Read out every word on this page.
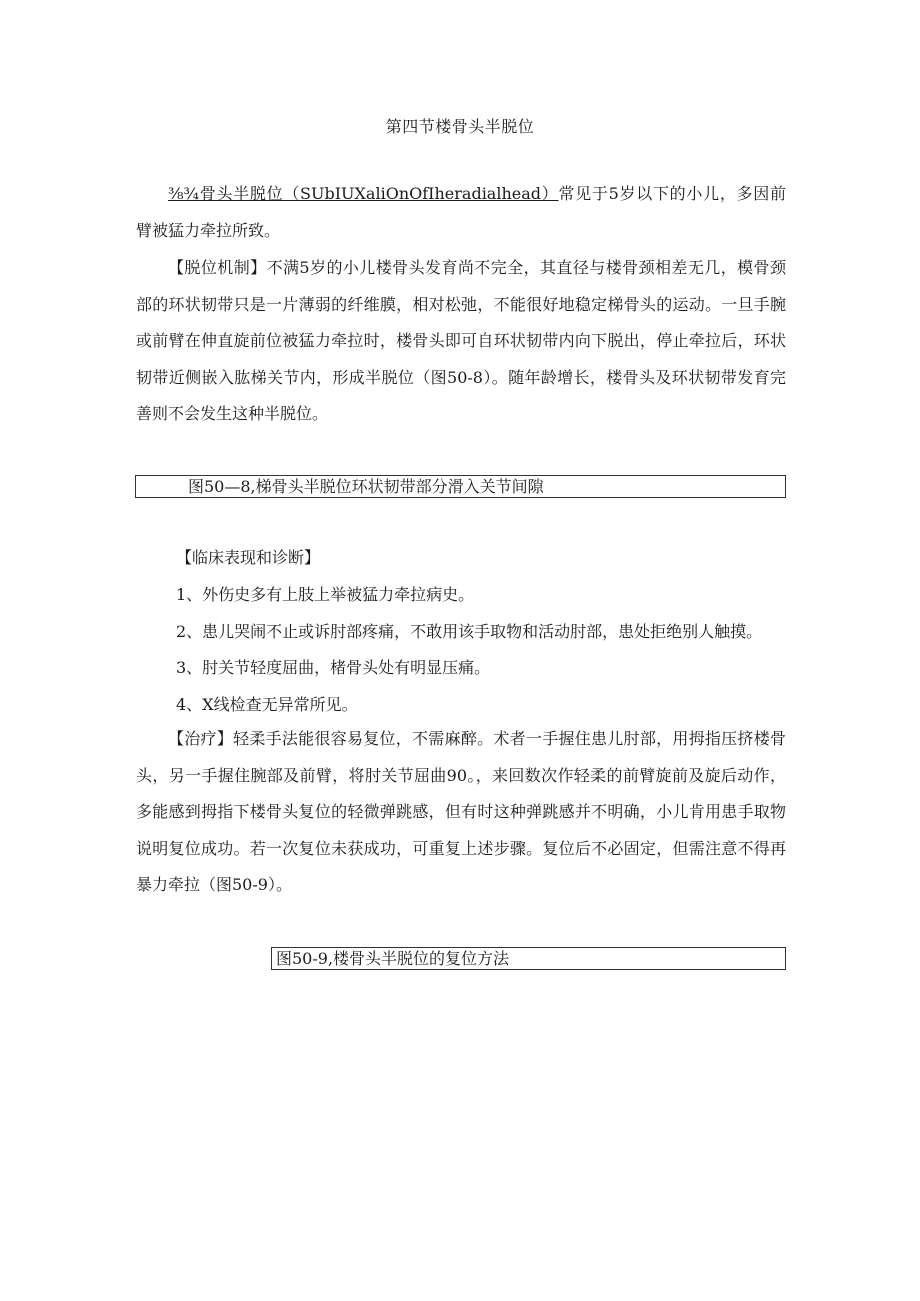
第四节楼骨头半脱位

⅜¾骨头半脱位（SUbIUXaliOnOfIheradialhead）常见于5岁以下的小儿，多因前臂被猛力牵拉所致。

【脱位机制】不满5岁的小儿楼骨头发育尚不完全，其直径与楼骨颈相差无几，模骨颈部的环状韧带只是一片薄弱的纤维膜，相对松弛，不能很好地稳定梯骨头的运动。一旦手腕或前臂在伸直旋前位被猛力牵拉时，楼骨头即可自环状韧带内向下脱出，停止牵拉后，环状韧带近侧嵌入肱梯关节内，形成半脱位（图50-8）。随年龄增长，楼骨头及环状韧带发育完善则不会发生这种半脱位。

图50—8,梯骨头半脱位环状韧带部分滑入关节间隙
【临床表现和诊断】
1、外伤史多有上肢上举被猛力牵拉病史。
2、患儿哭闹不止或诉肘部疼痛，不敢用该手取物和活动肘部，患处拒绝别人触摸。
3、肘关节轻度屈曲，楮骨头处有明显压痛。
4、X线检查无异常所见。

【治疗】轻柔手法能很容易复位，不需麻醉。术者一手握住患儿肘部，用拇指压挤楼骨头，另一手握住腕部及前臂，将肘关节屈曲90。，来回数次作轻柔的前臂旋前及旋后动作，多能感到拇指下楼骨头复位的轻微弹跳感，但有时这种弹跳感并不明确，小儿肯用患手取物说明复位成功。若一次复位未获成功，可重复上述步骤。复位后不必固定，但需注意不得再暴力牵拉（图50-9）。

图50-9,楼骨头半脱位的复位方法
